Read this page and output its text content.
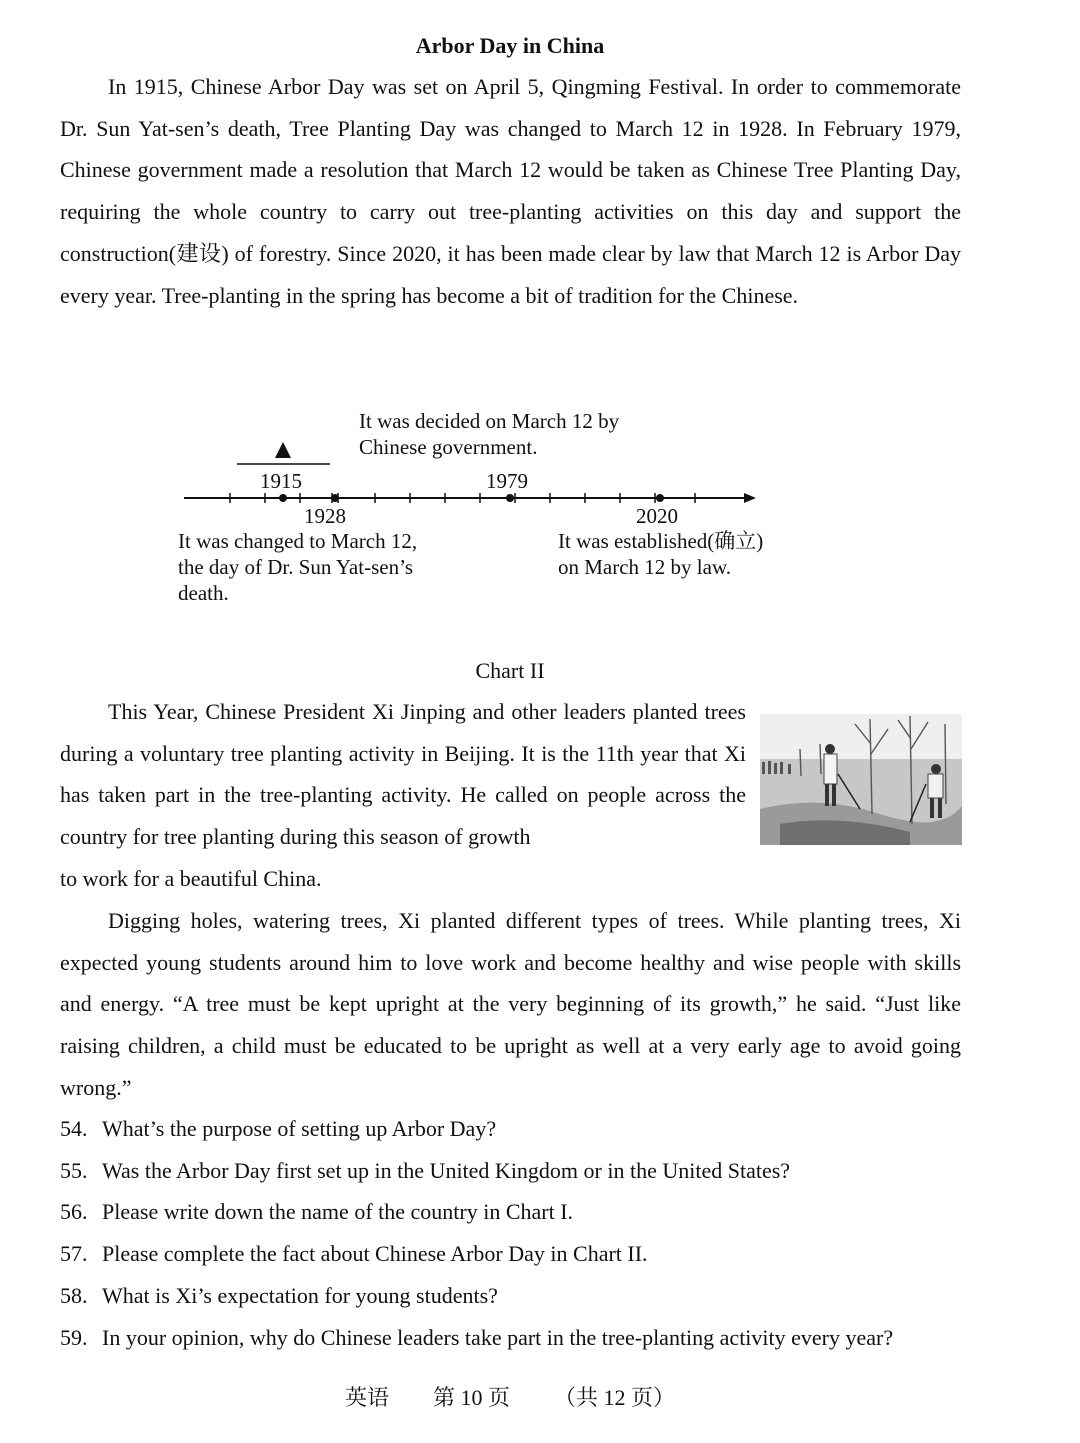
Arbor Day in China

In 1915, Chinese Arbor Day was set on April 5, Qingming Festival. In order to commemorate Dr. Sun Yat-sen’s death, Tree Planting Day was changed to March 12 in 1928. In February 1979, Chinese government made a resolution that March 12 would be taken as Chinese Tree Planting Day, requiring the whole country to carry out tree-planting activities on this day and support the construction(建设) of forestry. Since 2020, it has been made clear by law that March 12 is Arbor Day every year. Tree-planting in the spring has become a bit of tradition for the Chinese.

It was decided on March 12 by
Chinese government.
1915	1979
1928	2020
It was changed to March 12,
the day of Dr. Sun Yat-sen’s
death.
It was established(确立)
on March 12 by law.
Chart II

This Year, Chinese President Xi Jinping and other leaders planted trees during a voluntary tree planting activity in Beijing. It is the 11th year that Xi has taken part in the tree-planting activity. He called on people across the country for tree planting during this season of growth

to work for a beautiful China.

Digging holes, watering trees, Xi planted different types of trees. While planting trees, Xi expected young students around him to love work and become healthy and wise people with skills and energy. “A tree must be kept upright at the very beginning of its growth,” he said. “Just like raising children, a child must be educated to be upright as well at a very early age to avoid going wrong.”

54. What’s the purpose of setting up Arbor Day?
55. Was the Arbor Day first set up in the United Kingdom or in the United States?
56. Please write down the name of the country in Chart I.
57. Please complete the fact about Chinese Arbor Day in Chart II.
58. What is Xi’s expectation for young students?
59. In your opinion, why do Chinese leaders take part in the tree-planting activity every year?
英语 第 10 页 （共 12 页）
